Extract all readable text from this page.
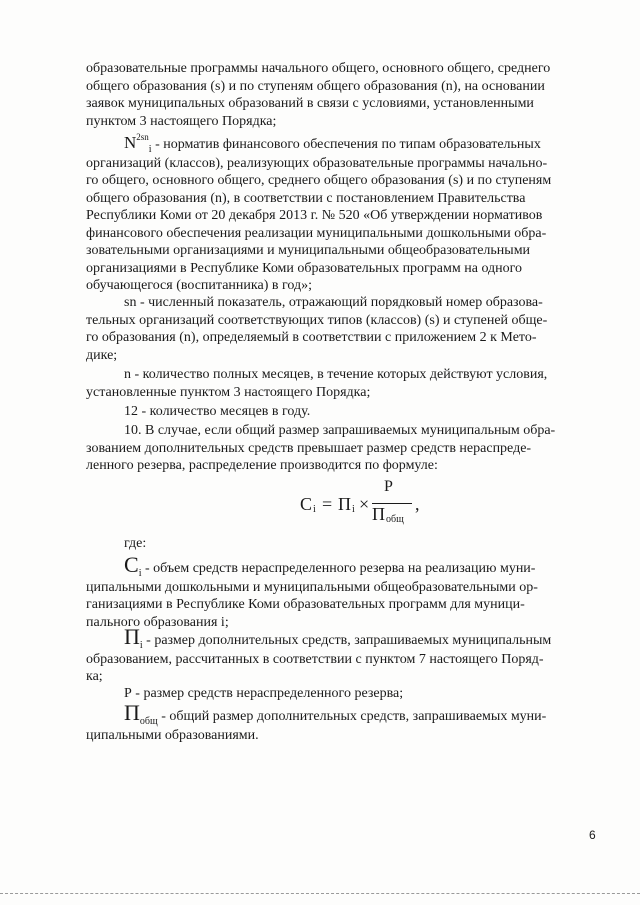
образовательные программы начального общего, основного общего, среднего
общего образования (s) и по ступеням общего образования (n), на основании
заявок муниципальных образований в связи с условиями, установленными
пунктом 3 настоящего Порядка;
$N^{2sn}_i$ - норматив финансового обеспечения по типам образовательных
организаций (классов), реализующих образовательные программы начально-
го общего, основного общего, среднего общего образования (s) и по ступеням
общего образования (n), в соответствии с постановлением Правительства
Республики Коми от 20 декабря 2013 г. № 520 «Об утверждении нормативов
финансового обеспечения реализации муниципальными дошкольными обра-
зовательными организациями и муниципальными общеобразовательными
организациями в Республике Коми образовательных программ на одного
обучающегося (воспитанника) в год»;
sn - численный показатель, отражающий порядковый номер образова-
тельных организаций соответствующих типов (классов) (s) и ступеней обще-
го образования (n), определяемый в соответствии с приложением 2 к Мето-
дике;
n - количество полных месяцев, в течение которых действуют условия,
установленные пунктом 3 настоящего Порядка;
12 - количество месяцев в году.
10. В случае, если общий размер запрашиваемых муниципальным обра-
зованием дополнительных средств превышает размер средств нераспреде-
ленного резерва, распределение производится по формуле:
С i = П i ×
Р
П общ
,
где:
$С_i$ - объем средств нераспределенного резерва на реализацию муни-
ципальными дошкольными и муниципальными общеобразовательными ор-
ганизациями в Республике Коми образовательных программ для муници-
пального образования i;
$П_i$ - размер дополнительных средств, запрашиваемых муниципальным
образованием, рассчитанных в соответствии с пунктом 7 настоящего Поряд-
ка;
Р - размер средств нераспределенного резерва;
$П_{общ}$ - общий размер дополнительных средств, запрашиваемых муни-
ципальными образованиями.
6
